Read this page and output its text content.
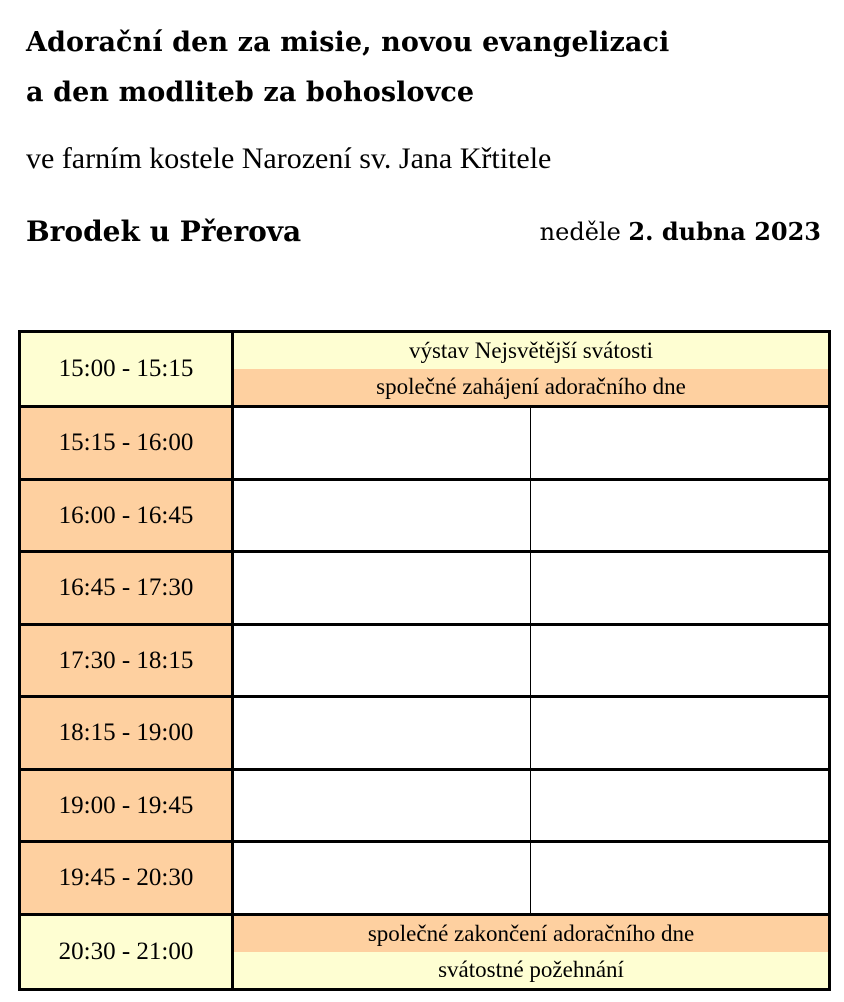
Adorační den za misie, novou evangelizaci
a den modliteb za bohoslovce
ve farním kostele Narození sv. Jana Křtitele
Brodek u Přerova	neděle 2. dubna 2023
15:00 - 15:15	výstav Nejsvětější svátosti
společné zahájení adoračního dne	

15:15 - 16:00		
16:00 - 16:45		
16:45 - 17:30		
17:30 - 18:15		
18:15 - 19:00		
19:00 - 19:45		
19:45 - 20:30		
20:30 - 21:00	společné zakončení adoračního dne
svátostné požehnání	
